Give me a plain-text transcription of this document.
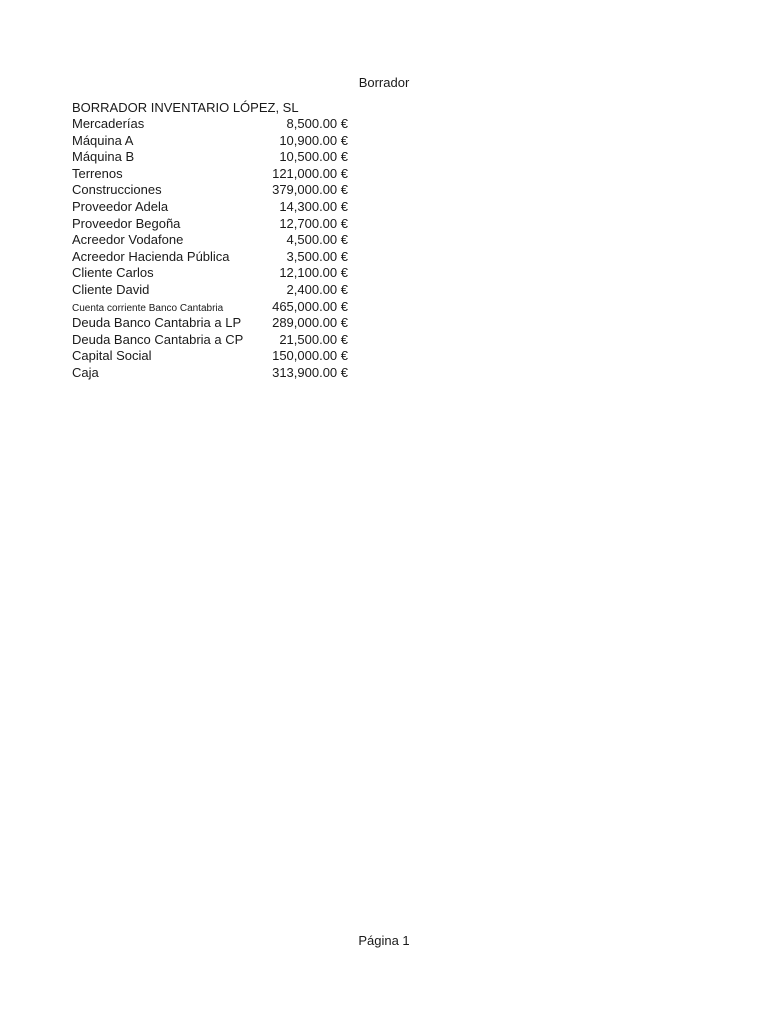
Borrador
BORRADOR INVENTARIO LÓPEZ, SL
Mercaderías	8,500.00 €
Máquina A	10,900.00 €
Máquina B	10,500.00 €
Terrenos	121,000.00 €
Construcciones	379,000.00 €
Proveedor Adela	14,300.00 €
Proveedor Begoña	12,700.00 €
Acreedor Vodafone	4,500.00 €
Acreedor Hacienda Pública	3,500.00 €
Cliente Carlos	12,100.00 €
Cliente David	2,400.00 €
Cuenta corriente Banco Cantabria	465,000.00 €
Deuda Banco Cantabria a LP 289,000.00 €
Deuda Banco Cantabria a CP	21,500.00 €
Capital Social	150,000.00 €
Caja	313,900.00 €
Página 1
